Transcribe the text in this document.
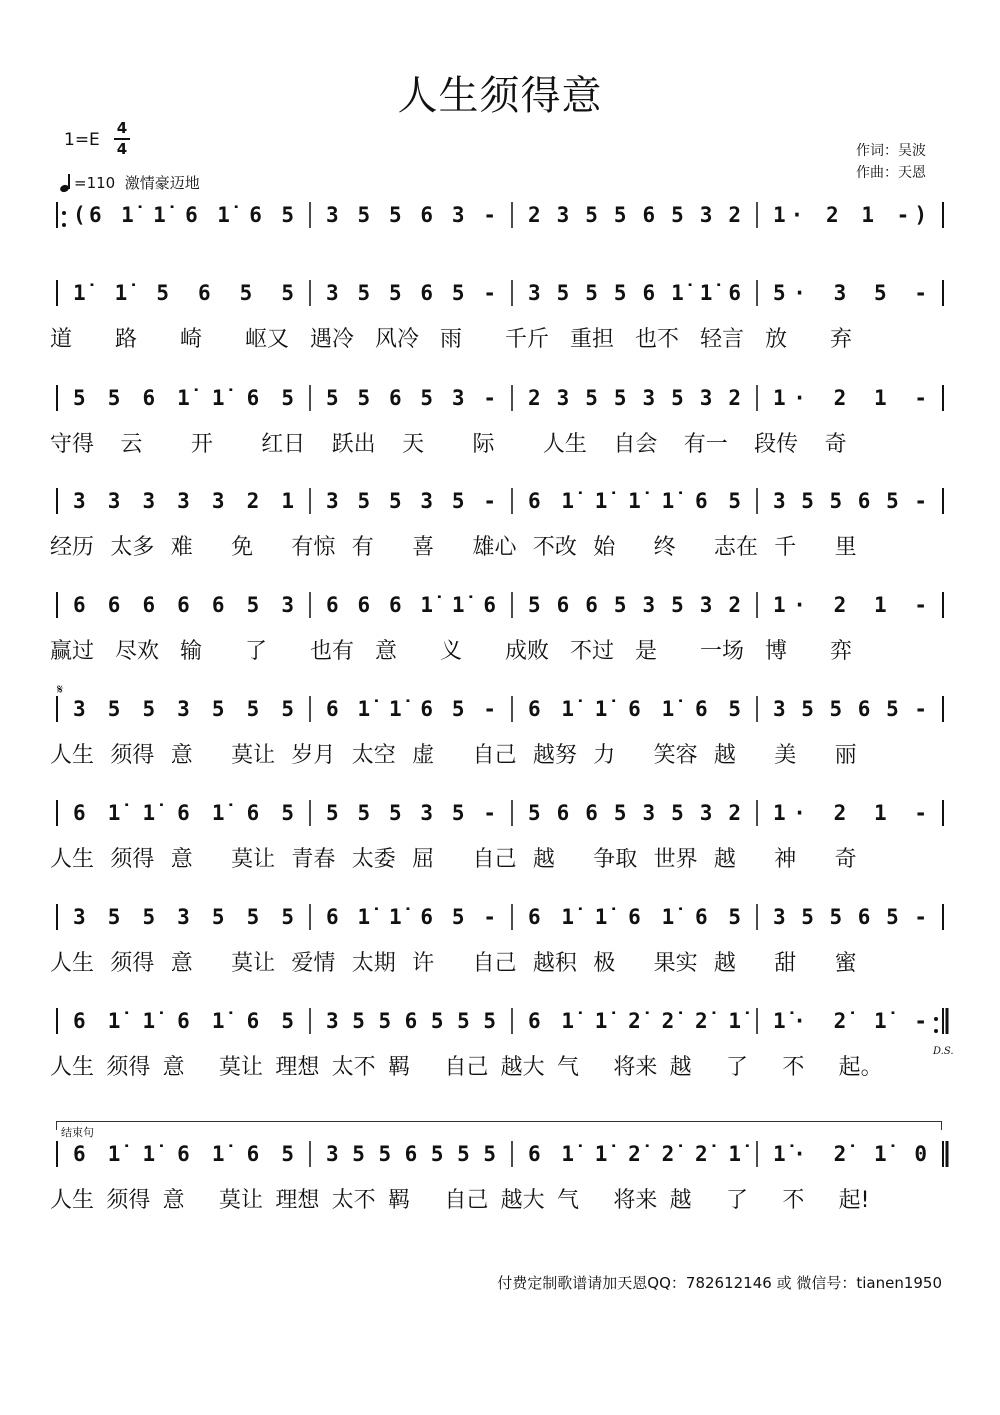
人生须得意
1=E
4
4
=110 激情豪迈地
作词：吴波
作曲：天恩
𝄋
D.S.
结束句
(6 1̇ 1̇ 6 1̇ 6 5 3 5 5 6 3 - 2 3 5 5 6 5 3 2 1· 2 1 -)
1̇ 1̇ 5 6 5 5 3 5 5 6 5 - 3 5 5 5 6 1̇ 1̇ 6 5· 3 5 -
道 路 崎 岖又 遇冷 风冷 雨 千斤 重担 也不 轻言 放 弃
5 5 6 1̇ 1̇ 6 5 5 5 6 5 3 - 2 3 5 5 3 5 3 2 1· 2 1 -
守得 云 开 红日 跃出 天 际 人生 自会 有一 段传 奇
3 3 3 3 3 2 1 3 5 5 3 5 - 6 1̇ 1̇ 1̇ 1̇ 6 5 3 5 5 6 5 -
经历 太多 难 免 有惊 有 喜 雄心 不改 始 终 志在 千 里
6 6 6 6 6 5 3 6 6 6 1̇ 1̇ 6 5 6 6 5 3 5 3 2 1· 2 1 -
赢过 尽欢 输 了 也有 意 义 成败 不过 是 一场 博 弈
3 5 5 3 5 5 5 6 1̇ 1̇ 6 5 - 6 1̇ 1̇ 6 1̇ 6 5 3 5 5 6 5 -
人生 须得 意 莫让 岁月 太空 虚 自己 越努 力 笑容 越 美 丽
6 1̇ 1̇ 6 1̇ 6 5 5 5 5 3 5 - 5 6 6 5 3 5 3 2 1· 2 1 -
人生 须得 意 莫让 青春 太委 屈 自己 越 争取 世界 越 神 奇
3 5 5 3 5 5 5 6 1̇ 1̇ 6 5 - 6 1̇ 1̇ 6 1̇ 6 5 3 5 5 6 5 -
人生 须得 意 莫让 爱情 太期 许 自己 越积 极 果实 越 甜 蜜
6 1̇ 1̇ 6 1̇ 6 5 3 5 5 6 5 5 5 6 1̇ 1̇ 2̇ 2̇ 2̇ 1̇	1̇· 2̇ 1̇ -
人生 须得 意 莫让 理想 太不 羁 自己 越大 气 将来 越 了 不 起。
6 1̇ 1̇ 6 1̇ 6 5 3 5 5 6 5 5 5 6 1̇ 1̇ 2̇ 2̇ 2̇ 1̇	1̇· 2̇ 1̇ 0
人生 须得 意 莫让 理想 太不 羁 自己 越大 气 将来 越 了 不 起!
付费定制歌谱请加天恩QQ：782612146 或 微信号：tianen1950
